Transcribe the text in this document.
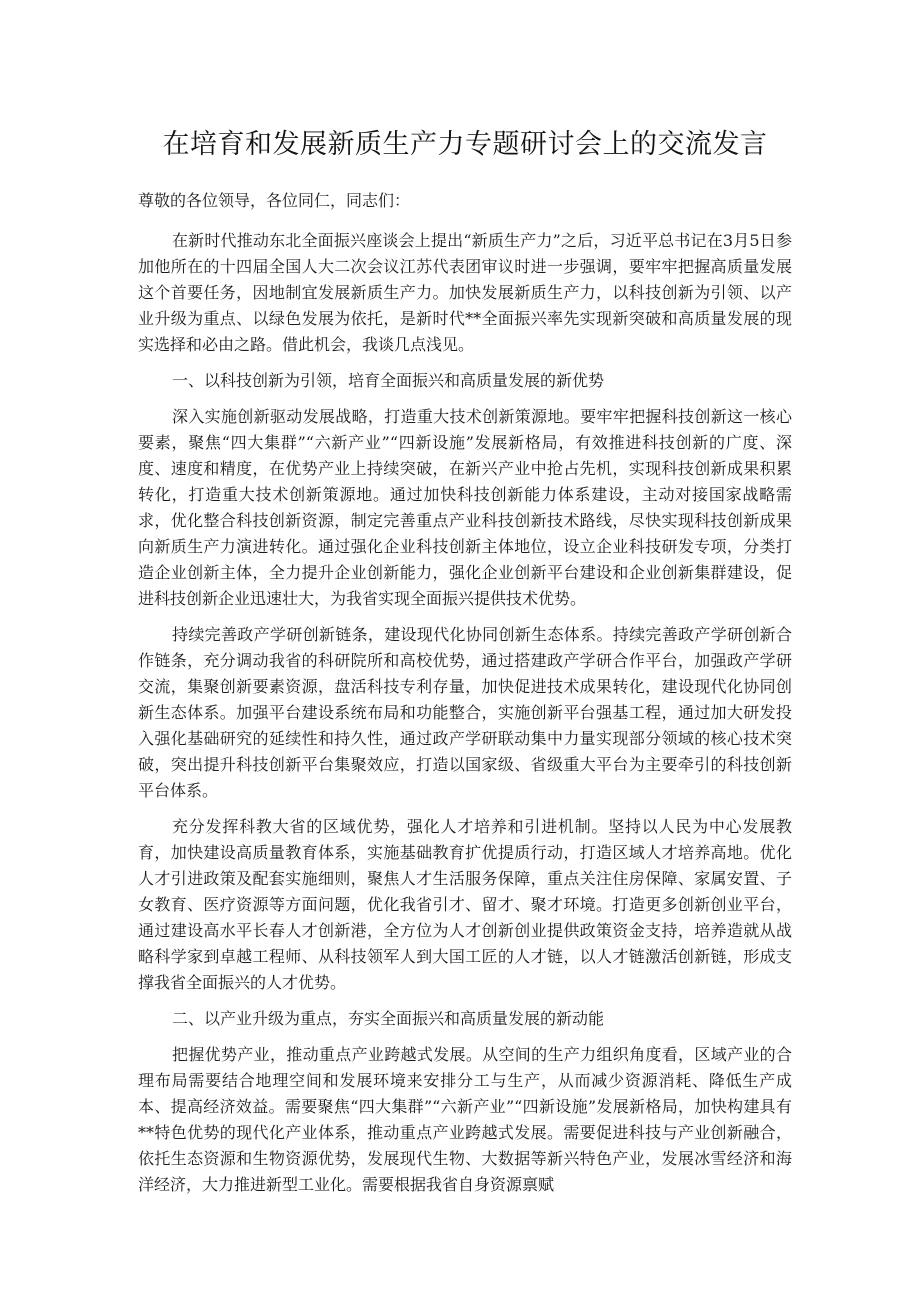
在培育和发展新质生产力专题研讨会上的交流发言

尊敬的各位领导，各位同仁，同志们：

在新时代推动东北全面振兴座谈会上提出“新质生产力”之后，习近平总书记在3月5日参加他所在的十四届全国人大二次会议江苏代表团审议时进一步强调，要牢牢把握高质量发展这个首要任务，因地制宜发展新质生产力。加快发展新质生产力，以科技创新为引领、以产业升级为重点、以绿色发展为依托，是新时代**全面振兴率先实现新突破和高质量发展的现实选择和必由之路。借此机会，我谈几点浅见。

一、以科技创新为引领，培育全面振兴和高质量发展的新优势

深入实施创新驱动发展战略，打造重大技术创新策源地。要牢牢把握科技创新这一核心要素，聚焦“四大集群”“六新产业”“四新设施”发展新格局，有效推进科技创新的广度、深度、速度和精度，在优势产业上持续突破，在新兴产业中抢占先机，实现科技创新成果积累转化，打造重大技术创新策源地。通过加快科技创新能力体系建设，主动对接国家战略需求，优化整合科技创新资源，制定完善重点产业科技创新技术路线，尽快实现科技创新成果向新质生产力演进转化。通过强化企业科技创新主体地位，设立企业科技研发专项，分类打造企业创新主体，全力提升企业创新能力，强化企业创新平台建设和企业创新集群建设，促进科技创新企业迅速壮大，为我省实现全面振兴提供技术优势。

持续完善政产学研创新链条，建设现代化协同创新生态体系。持续完善政产学研创新合作链条，充分调动我省的科研院所和高校优势，通过搭建政产学研合作平台，加强政产学研交流，集聚创新要素资源，盘活科技专利存量，加快促进技术成果转化，建设现代化协同创新生态体系。加强平台建设系统布局和功能整合，实施创新平台强基工程，通过加大研发投入强化基础研究的延续性和持久性，通过政产学研联动集中力量实现部分领域的核心技术突破，突出提升科技创新平台集聚效应，打造以国家级、省级重大平台为主要牵引的科技创新平台体系。

充分发挥科教大省的区域优势，强化人才培养和引进机制。坚持以人民为中心发展教育，加快建设高质量教育体系，实施基础教育扩优提质行动，打造区域人才培养高地。优化人才引进政策及配套实施细则，聚焦人才生活服务保障，重点关注住房保障、家属安置、子女教育、医疗资源等方面问题，优化我省引才、留才、聚才环境。打造更多创新创业平台，通过建设高水平长春人才创新港，全方位为人才创新创业提供政策资金支持，培养造就从战略科学家到卓越工程师、从科技领军人到大国工匠的人才链，以人才链激活创新链，形成支撑我省全面振兴的人才优势。

二、以产业升级为重点，夯实全面振兴和高质量发展的新动能

把握优势产业，推动重点产业跨越式发展。从空间的生产力组织角度看，区域产业的合理布局需要结合地理空间和发展环境来安排分工与生产，从而减少资源消耗、降低生产成本、提高经济效益。需要聚焦“四大集群”“六新产业”“四新设施”发展新格局，加快构建具有**特色优势的现代化产业体系，推动重点产业跨越式发展。需要促进科技与产业创新融合，依托生态资源和生物资源优势，发展现代生物、大数据等新兴特色产业，发展冰雪经济和海洋经济，大力推进新型工业化。需要根据我省自身资源禀赋
